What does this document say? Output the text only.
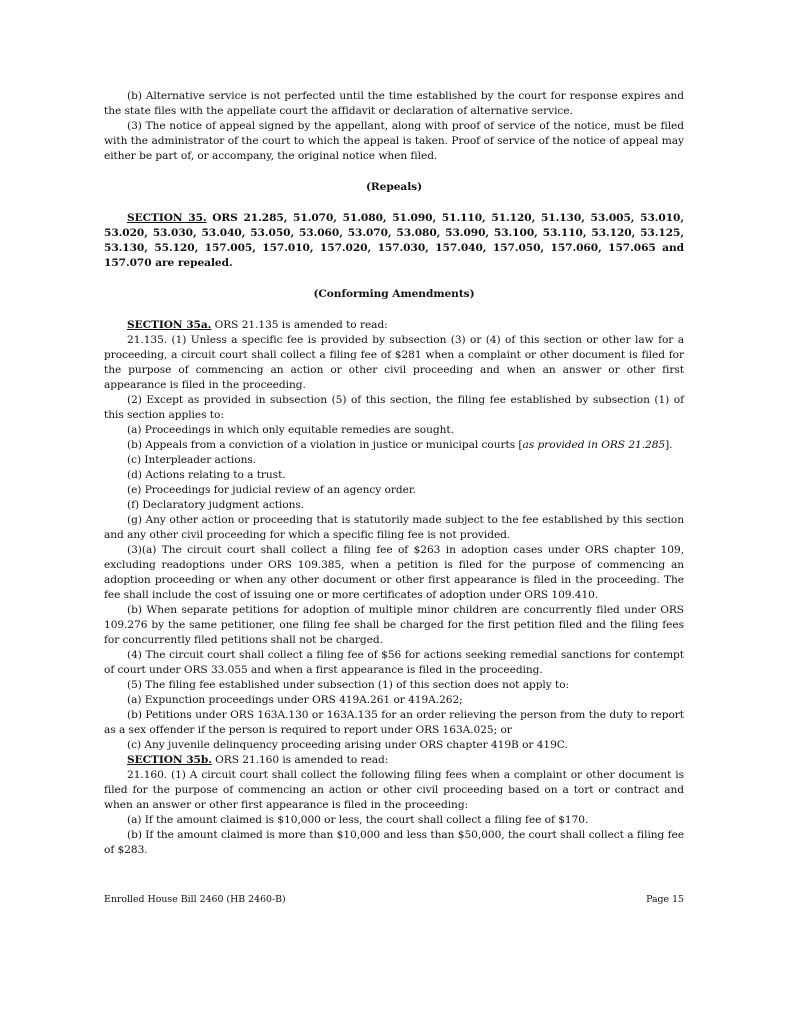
(b) Alternative service is not perfected until the time established by the court for response expires and the state files with the appellate court the affidavit or declaration of alternative service.

(3) The notice of appeal signed by the appellant, along with proof of service of the notice, must be filed with the administrator of the court to which the appeal is taken. Proof of service of the notice of appeal may either be part of, or accompany, the original notice when filed.

(Repeals)

SECTION 35. ORS 21.285, 51.070, 51.080, 51.090, 51.110, 51.120, 51.130, 53.005, 53.010, 53.020, 53.030, 53.040, 53.050, 53.060, 53.070, 53.080, 53.090, 53.100, 53.110, 53.120, 53.125, 53.130, 55.120, 157.005, 157.010, 157.020, 157.030, 157.040, 157.050, 157.060, 157.065 and 157.070 are repealed.

(Conforming Amendments)

SECTION 35a. ORS 21.135 is amended to read:

21.135. (1) Unless a specific fee is provided by subsection (3) or (4) of this section or other law for a proceeding, a circuit court shall collect a filing fee of $281 when a complaint or other document is filed for the purpose of commencing an action or other civil proceeding and when an answer or other first appearance is filed in the proceeding.

(2) Except as provided in subsection (5) of this section, the filing fee established by subsection (1) of this section applies to:

(a) Proceedings in which only equitable remedies are sought.

(b) Appeals from a conviction of a violation in justice or municipal courts [as provided in ORS 21.285].

(c) Interpleader actions.

(d) Actions relating to a trust.

(e) Proceedings for judicial review of an agency order.

(f) Declaratory judgment actions.

(g) Any other action or proceeding that is statutorily made subject to the fee established by this section and any other civil proceeding for which a specific filing fee is not provided.

(3)(a) The circuit court shall collect a filing fee of $263 in adoption cases under ORS chapter 109, excluding readoptions under ORS 109.385, when a petition is filed for the purpose of commencing an adoption proceeding or when any other document or other first appearance is filed in the proceeding. The fee shall include the cost of issuing one or more certificates of adoption under ORS 109.410.

(b) When separate petitions for adoption of multiple minor children are concurrently filed under ORS 109.276 by the same petitioner, one filing fee shall be charged for the first petition filed and the filing fees for concurrently filed petitions shall not be charged.

(4) The circuit court shall collect a filing fee of $56 for actions seeking remedial sanctions for contempt of court under ORS 33.055 and when a first appearance is filed in the proceeding.

(5) The filing fee established under subsection (1) of this section does not apply to:

(a) Expunction proceedings under ORS 419A.261 or 419A.262;

(b) Petitions under ORS 163A.130 or 163A.135 for an order relieving the person from the duty to report as a sex offender if the person is required to report under ORS 163A.025; or

(c) Any juvenile delinquency proceeding arising under ORS chapter 419B or 419C.

SECTION 35b. ORS 21.160 is amended to read:

21.160. (1) A circuit court shall collect the following filing fees when a complaint or other document is filed for the purpose of commencing an action or other civil proceeding based on a tort or contract and when an answer or other first appearance is filed in the proceeding:

(a) If the amount claimed is $10,000 or less, the court shall collect a filing fee of $170.

(b) If the amount claimed is more than $10,000 and less than $50,000, the court shall collect a filing fee of $283.

Enrolled House Bill 2460 (HB 2460-B)	Page 15
